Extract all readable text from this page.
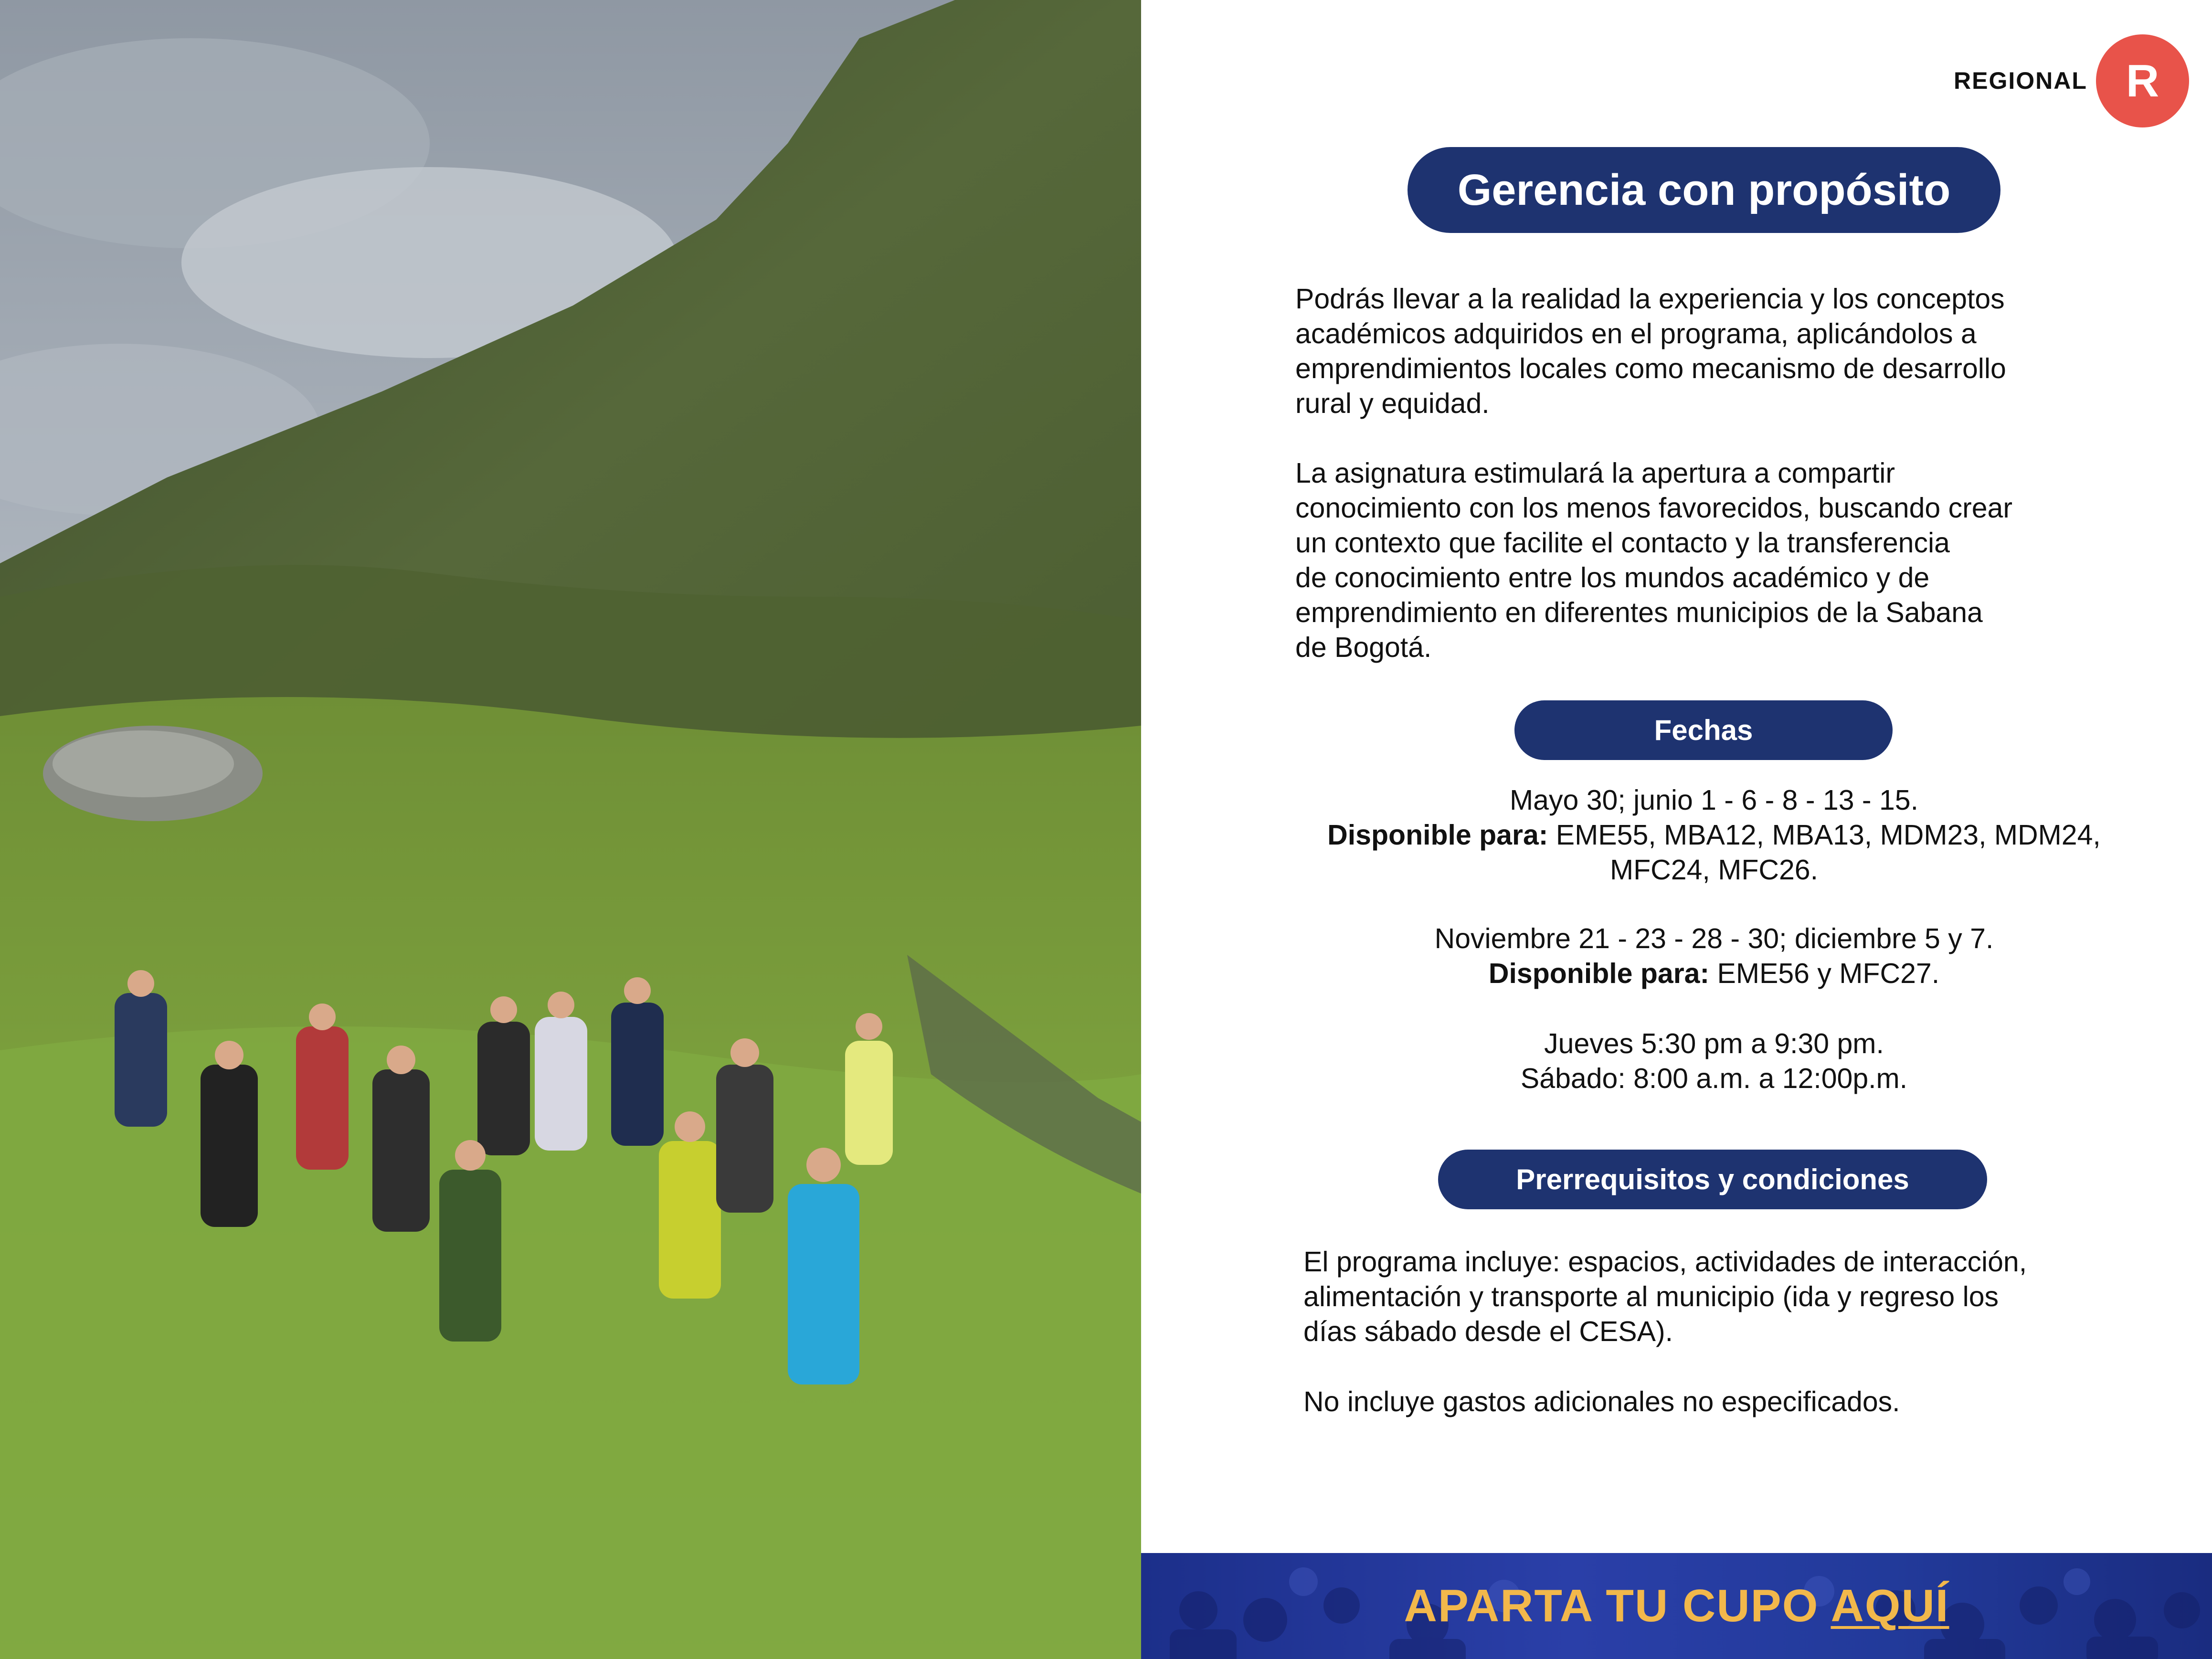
REGIONAL R
Gerencia con propósito
Podrás llevar a la realidad la experiencia y los conceptos
académicos adquiridos en el programa, aplicándolos a
emprendimientos locales como mecanismo de desarrollo
rural y equidad.
La asignatura estimulará la apertura a compartir
conocimiento con los menos favorecidos, buscando crear
un contexto que facilite el contacto y la transferencia
de conocimiento entre los mundos académico y de
emprendimiento en diferentes municipios de la Sabana
de Bogotá.
Fechas
Mayo 30; junio 1 - 6 - 8 - 13 - 15.
Disponible para: EME55, MBA12, MBA13, MDM23, MDM24,
MFC24, MFC26.
Noviembre 21 - 23 - 28 - 30; diciembre 5 y 7.
Disponible para: EME56 y MFC27.
Jueves 5:30 pm a 9:30 pm.
Sábado: 8:00 a.m. a 12:00p.m.
Prerrequisitos y condiciones
El programa incluye: espacios, actividades de interacción,
alimentación y transporte al municipio (ida y regreso los
días sábado desde el CESA).
No incluye gastos adicionales no especificados.
APARTA TU CUPO AQUÍ
